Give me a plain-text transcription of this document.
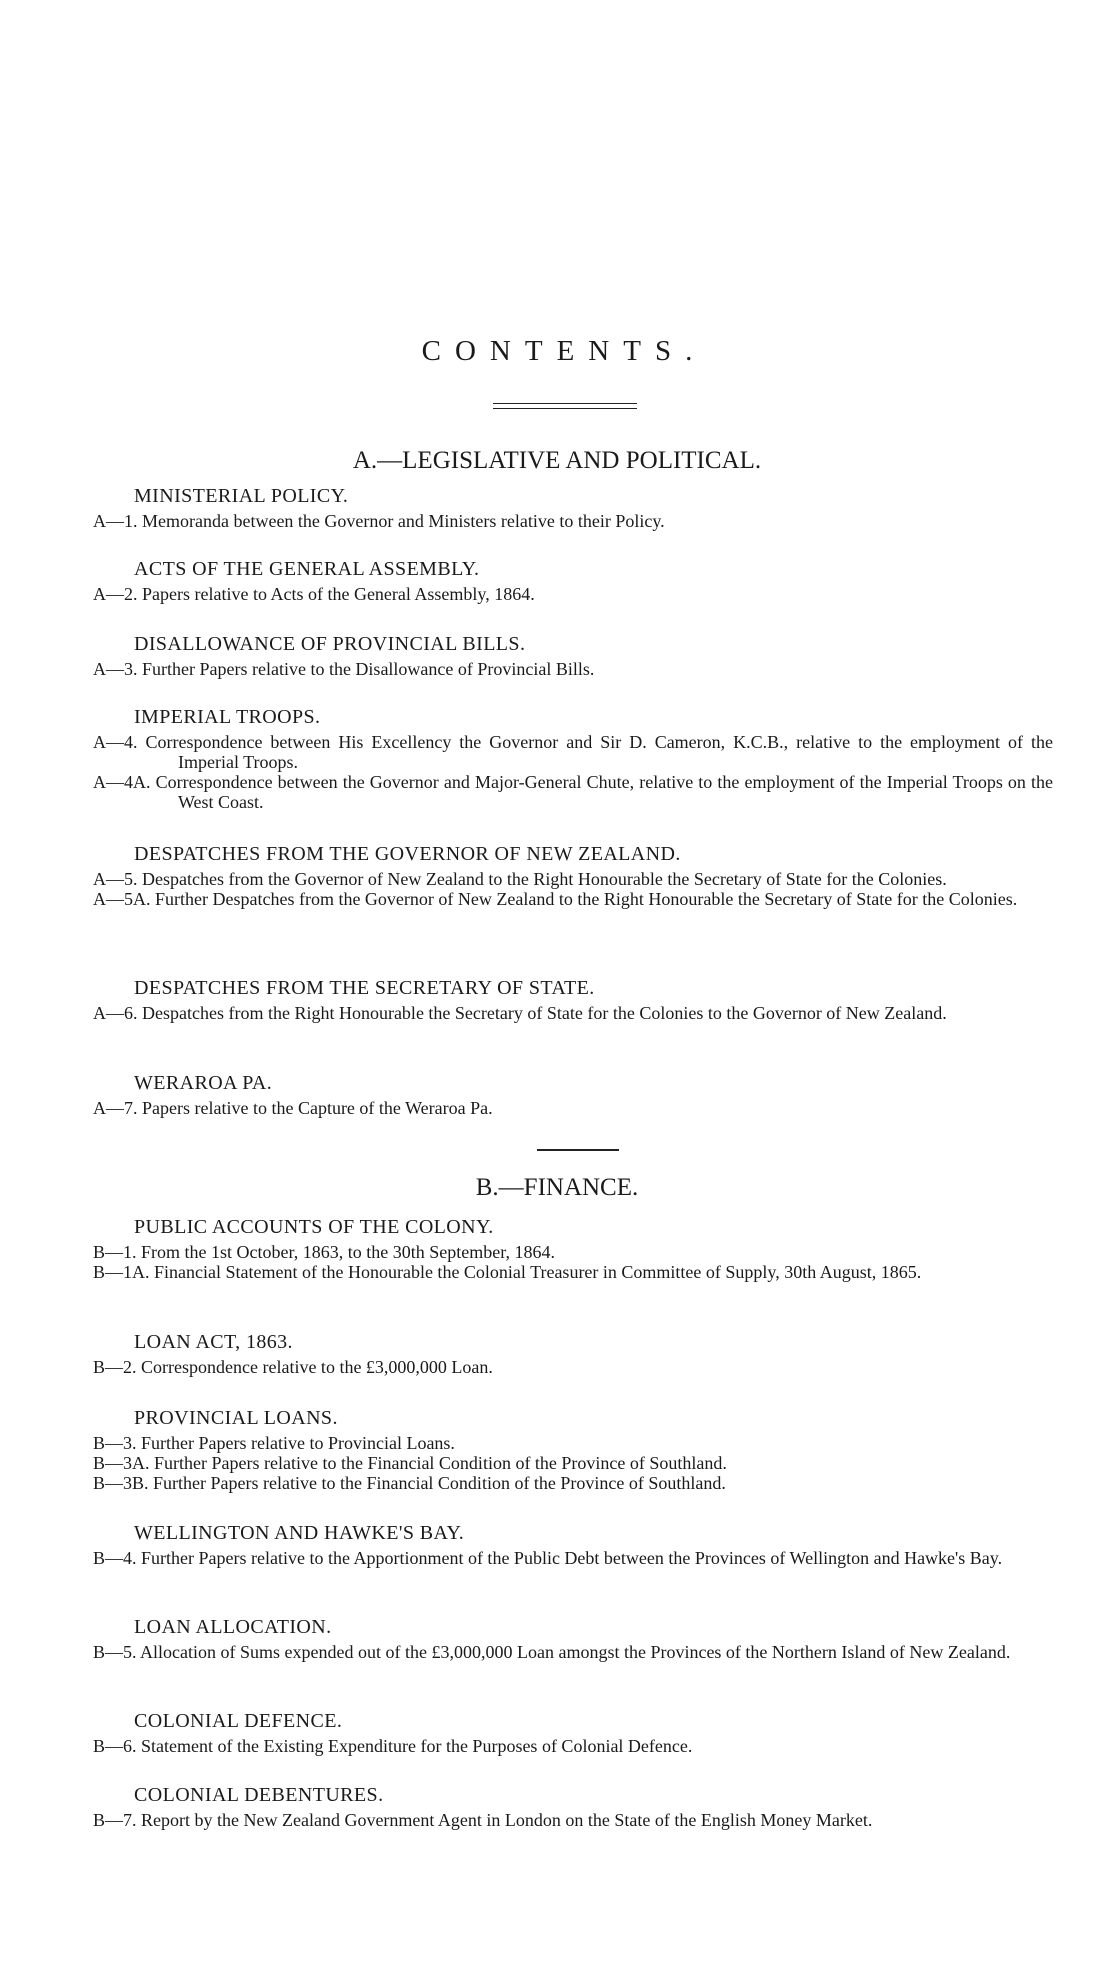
CONTENTS.
A.—LEGISLATIVE AND POLITICAL.
MINISTERIAL POLICY.

A—1. Memoranda between the Governor and Ministers relative to their Policy.

ACTS OF THE GENERAL ASSEMBLY.

A—2. Papers relative to Acts of the General Assembly, 1864.

DISALLOWANCE OF PROVINCIAL BILLS.

A—3. Further Papers relative to the Disallowance of Provincial Bills.

IMPERIAL TROOPS.

A—4. Correspondence between His Excellency the Governor and Sir D. Cameron, K.C.B., relative to the employment of the Imperial Troops.

A—4A. Correspondence between the Governor and Major-General Chute, relative to the employment of the Imperial Troops on the West Coast.

DESPATCHES FROM THE GOVERNOR OF NEW ZEALAND.

A—5. Despatches from the Governor of New Zealand to the Right Honourable the Secretary of State for the Colonies.

A—5A. Further Despatches from the Governor of New Zealand to the Right Honourable the Secretary of State for the Colonies.

DESPATCHES FROM THE SECRETARY OF STATE.

A—6. Despatches from the Right Honourable the Secretary of State for the Colonies to the Governor of New Zealand.

WERAROA PA.

A—7. Papers relative to the Capture of the Weraroa Pa.

B.—FINANCE.
PUBLIC ACCOUNTS OF THE COLONY.

B—1. From the 1st October, 1863, to the 30th September, 1864.

B—1A. Financial Statement of the Honourable the Colonial Treasurer in Committee of Supply, 30th August, 1865.

LOAN ACT, 1863.

B—2. Correspondence relative to the £3,000,000 Loan.

PROVINCIAL LOANS.

B—3. Further Papers relative to Provincial Loans.

B—3A. Further Papers relative to the Financial Condition of the Province of Southland.

B—3B. Further Papers relative to the Financial Condition of the Province of Southland.

WELLINGTON AND HAWKE'S BAY.

B—4. Further Papers relative to the Apportionment of the Public Debt between the Provinces of Wellington and Hawke's Bay.

LOAN ALLOCATION.

B—5. Allocation of Sums expended out of the £3,000,000 Loan amongst the Provinces of the Northern Island of New Zealand.

COLONIAL DEFENCE.

B—6. Statement of the Existing Expenditure for the Purposes of Colonial Defence.

COLONIAL DEBENTURES.

B—7. Report by the New Zealand Government Agent in London on the State of the English Money Market.
